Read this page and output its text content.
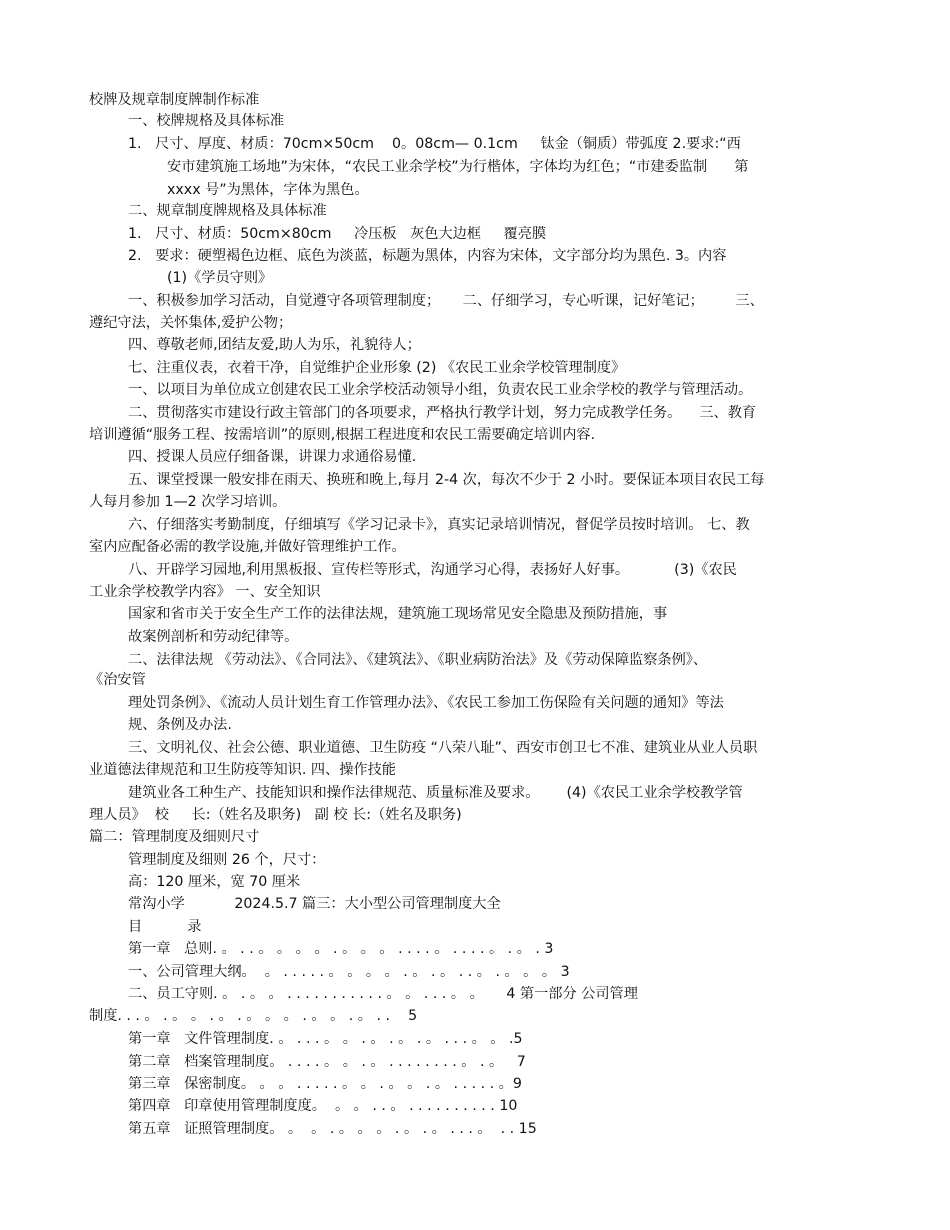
校牌及规章制度牌制作标准
一、校牌规格及具体标准
1.   尺寸、厚度、材质：70cm×50cm    0。08cm— 0.1cm     钛金（铜质）带弧度 2.要求:“西
安市建筑施工场地”为宋体，“农民工业余学校”为行楷体，字体均为红色；“市建委监制      第
xxxx 号”为黑体，字体为黑色。
二、规章制度牌规格及具体标准
1.   尺寸、材质：50cm×80cm     冷压板   灰色大边框     覆亮膜
2.   要求：硬塑褐色边框、底色为淡蓝，标题为黑体，内容为宋体，文字部分均为黑色. 3。内容
(1)《学员守则》
一、积极参加学习活动，自觉遵守各项管理制度；     二、仔细学习，专心听课，记好笔记；       三、
遵纪守法，关怀集体,爱护公物；
四、尊敬老师,团结友爱,助人为乐，礼貌待人；
七、注重仪表，衣着干净，自觉维护企业形象 (2) 《农民工业余学校管理制度》
一、以项目为单位成立创建农民工业余学校活动领导小组，负责农民工业余学校的教学与管理活动。
二、贯彻落实市建设行政主管部门的各项要求，严格执行教学计划，努力完成教学任务。    三、教育
培训遵循“服务工程、按需培训”的原则,根据工程进度和农民工需要确定培训内容.
四、授课人员应仔细备课，讲课力求通俗易懂.
五、课堂授课一般安排在雨天、换班和晚上,每月 2-4 次，每次不少于 2 小时。要保证本项目农民工每
人每月参加 1—2 次学习培训。
六、仔细落实考勤制度，仔细填写《学习记录卡》，真实记录培训情况，督促学员按时培训。 七、教
室内应配备必需的教学设施,并做好管理维护工作。
八、开辟学习园地,利用黑板报、宣传栏等形式，沟通学习心得，表扬好人好事。          (3)《农民
工业余学校教学内容》 一、安全知识
国家和省市关于安全生产工作的法律法规，建筑施工现场常见安全隐患及预防措施，事
故案例剖析和劳动纪律等。
二、法律法规 《劳动法》、《合同法》、《建筑法》、《职业病防治法》及《劳动保障监察条例》、
《治安管
理处罚条例》、《流动人员计划生育工作管理办法》、《农民工参加工伤保险有关问题的通知》等法
规、条例及办法.
三、文明礼仪、社会公德、职业道德、卫生防疫 “八荣八耻”、西安市创卫七不准、建筑业从业人员职
业道德法律规范和卫生防疫等知识. 四、操作技能
建筑业各工种生产、技能知识和操作法律规范、质量标准及要求。      (4)《农民工业余学校教学管
理人员》  校     长:（姓名及职务)   副 校 长:（姓名及职务)
篇二：管理制度及细则尺寸
管理制度及细则 26 个，尺寸：
高：120 厘米，宽 70 厘米
常沟小学           2024.5.7 篇三：大小型公司管理制度大全
目          录
第一章   总则. 。 . . 。 。 。 。 . 。 。 。 . . . . 。 . . . . 。 . 。 . 3
一、公司管理大纲。  。 . . . . . 。 。 。 。 . 。 . 。 . . 。 . 。 。 。 3
二、员工守则. 。 . 。 。 . . . . . . . . . . . 。 。 . . . 。 。     4 第一部分 公司管理
制度. . . 。 . 。 。 . 。 . 。 。 。 . 。 。 . 。 . .    5
第一章   文件管理制度. 。 . . . 。 。 . 。 . 。 . 。 . . . 。 。 .5
第二章   档案管理制度。 . . . . 。 。 . 。 . . . . . . . . 。 . 。   7
第三章   保密制度。 。 。 . . . . . 。 。 . 。 。 . 。 . . . . . 。9
第四章   印章使用管理制度度。  。 。 . . 。 . . . . . . . . . . 10
第五章   证照管理制度。 。  。 . 。 。 。 . 。 . 。 . . . 。  . . 15
